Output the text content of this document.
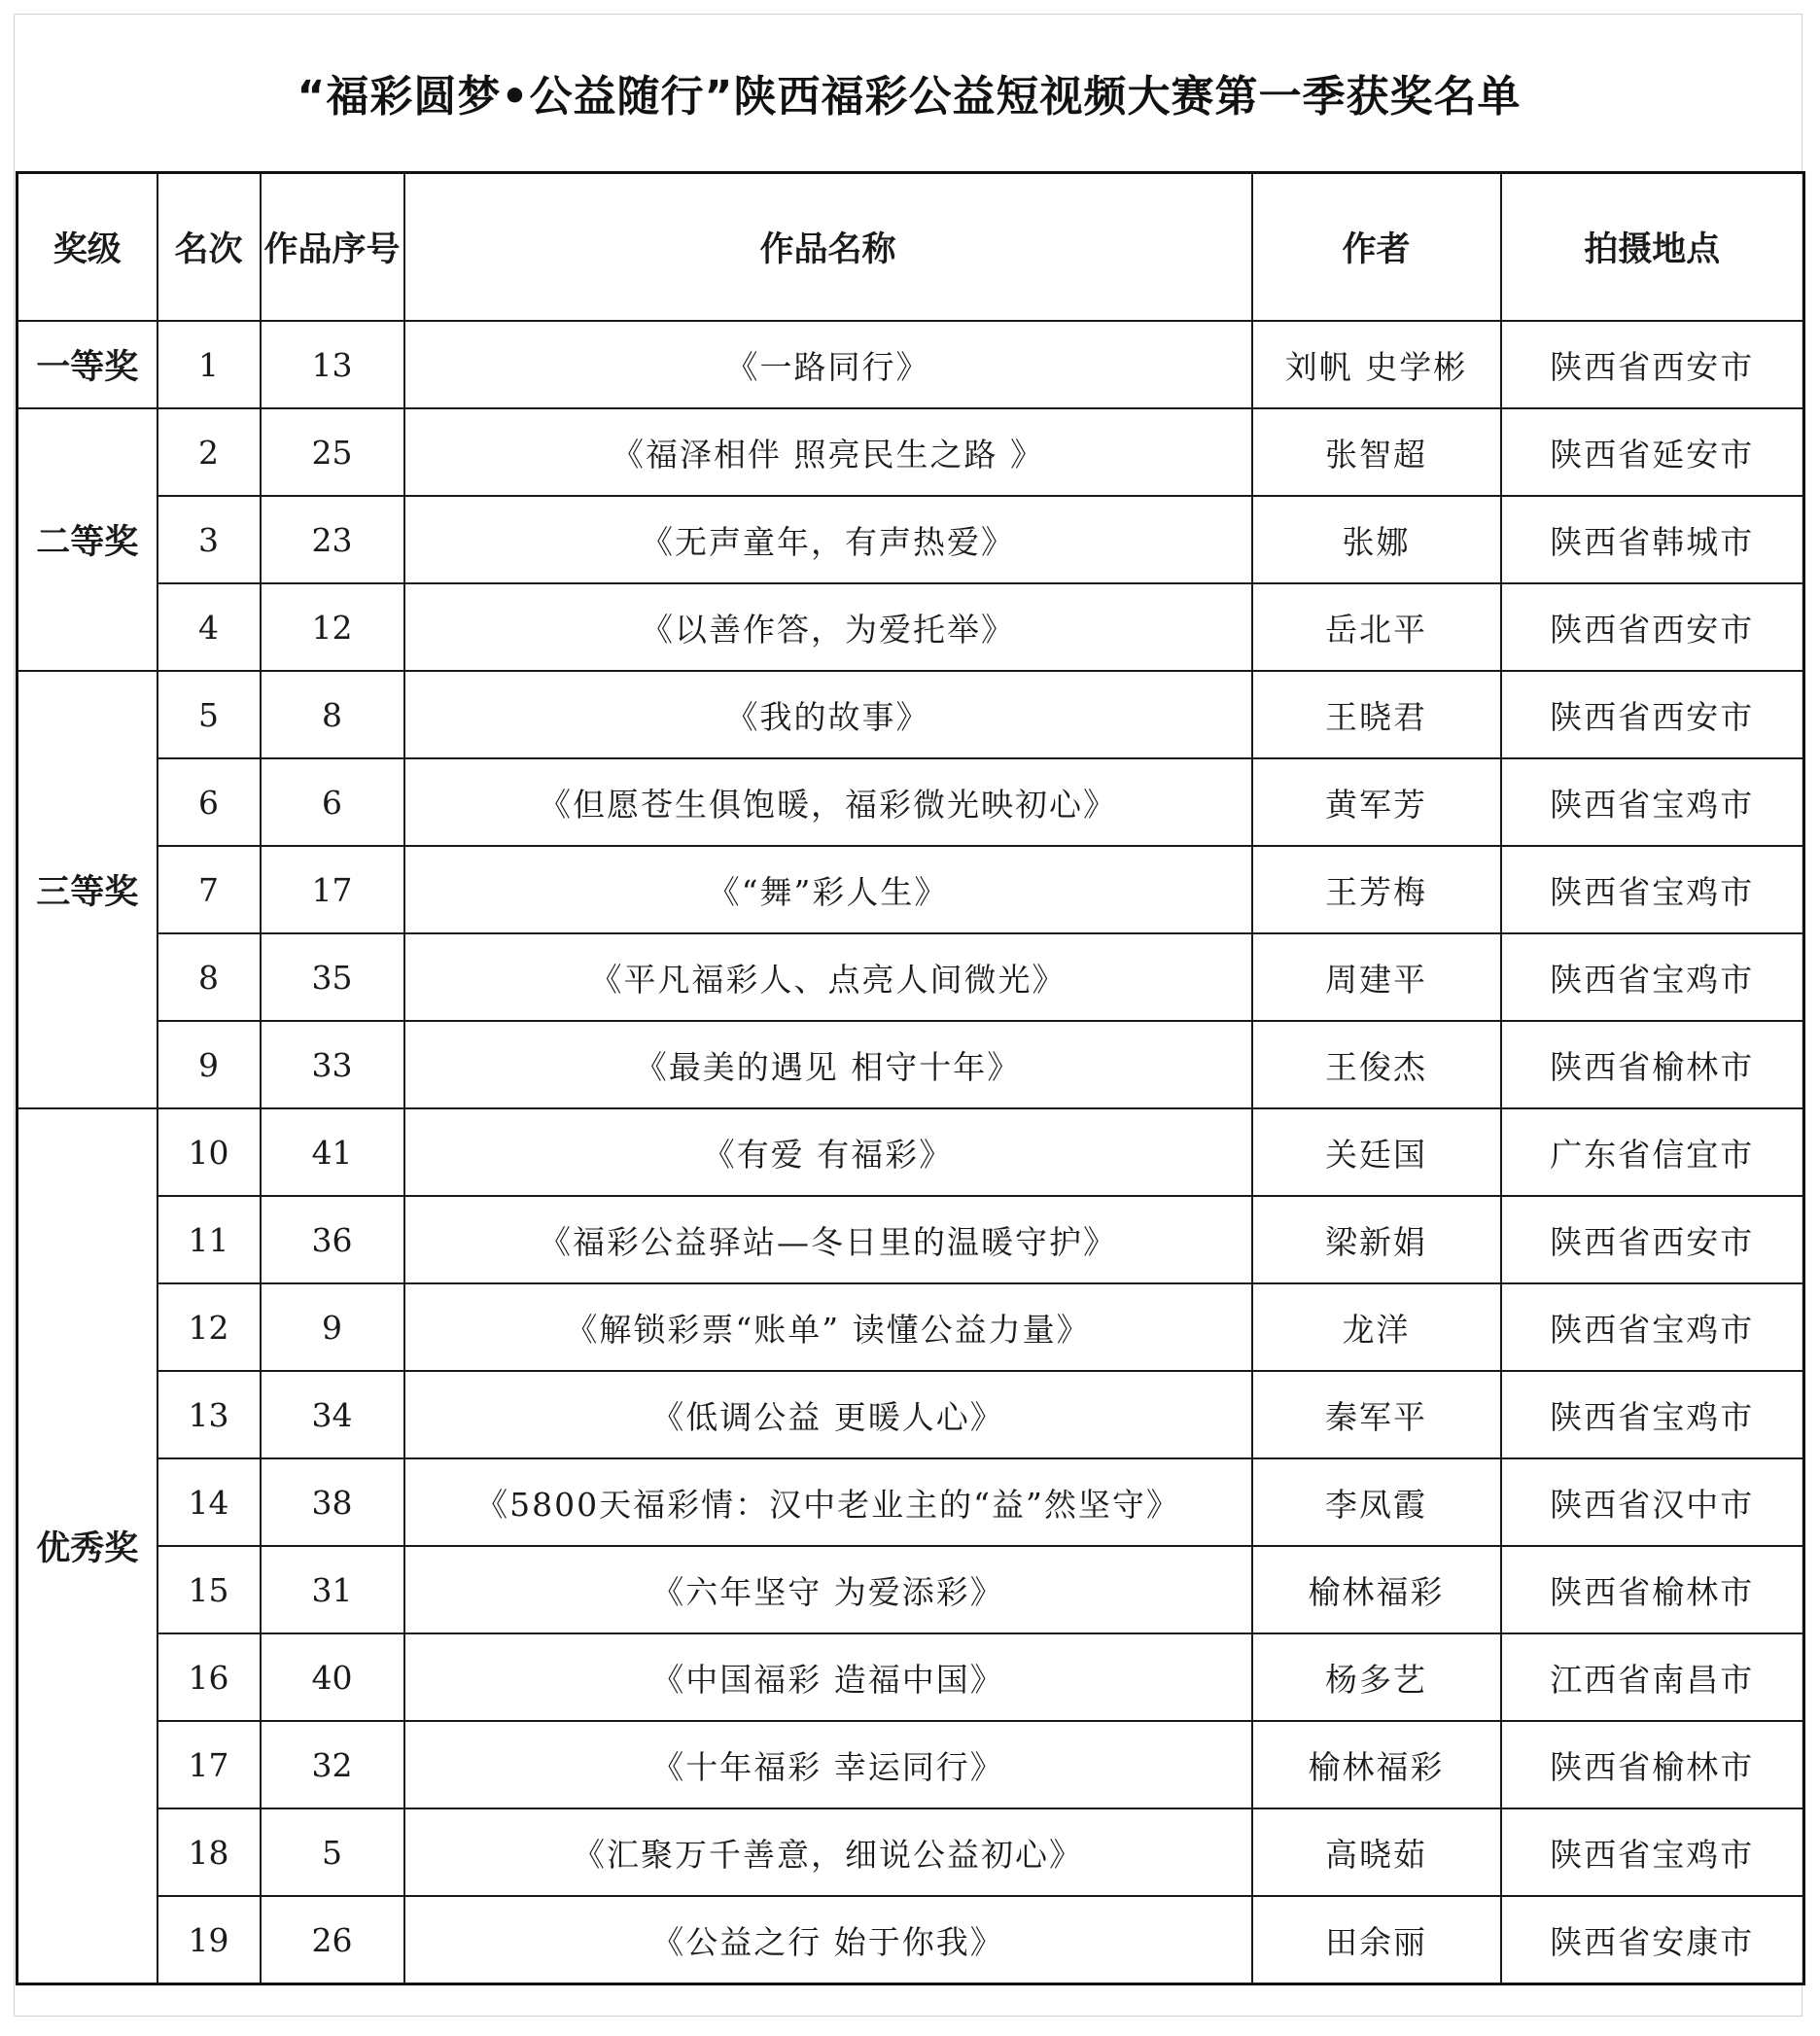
“福彩圆梦•公益随行”陕西福彩公益短视频大赛第一季获奖名单
奖级	名次	作品序号	作品名称	作者	拍摄地点
一等奖	1	13	《一路同行》	刘帆 史学彬	陕西省西安市
二等奖	2	25	《福泽相伴 照亮民生之路 》	张智超	陕西省延安市
	3	23	《无声童年，有声热爱》	张娜	陕西省韩城市
	4	12	《以善作答，为爱托举》	岳北平	陕西省西安市
三等奖	5	8	《我的故事》	王晓君	陕西省西安市
	6	6	《但愿苍生俱饱暖，福彩微光映初心》	黄军芳	陕西省宝鸡市
	7	17	《“舞”彩人生》	王芳梅	陕西省宝鸡市
	8	35	《平凡福彩人、点亮人间微光》	周建平	陕西省宝鸡市
	9	33	《最美的遇见 相守十年》	王俊杰	陕西省榆林市
优秀奖	10	41	《有爱 有福彩》	关廷国	广东省信宜市
	11	36	《福彩公益驿站—冬日里的温暖守护》	梁新娟	陕西省西安市
	12	9	《解锁彩票“账单” 读懂公益力量》	龙洋	陕西省宝鸡市
	13	34	《低调公益 更暖人心》	秦军平	陕西省宝鸡市
	14	38	《5800天福彩情：汉中老业主的“益”然坚守》	李凤霞	陕西省汉中市
	15	31	《六年坚守 为爱添彩》	榆林福彩	陕西省榆林市
	16	40	《中国福彩 造福中国》	杨多艺	江西省南昌市
	17	32	《十年福彩 幸运同行》	榆林福彩	陕西省榆林市
	18	5	《汇聚万千善意，细说公益初心》	高晓茹	陕西省宝鸡市
	19	26	《公益之行 始于你我》	田余丽	陕西省安康市
